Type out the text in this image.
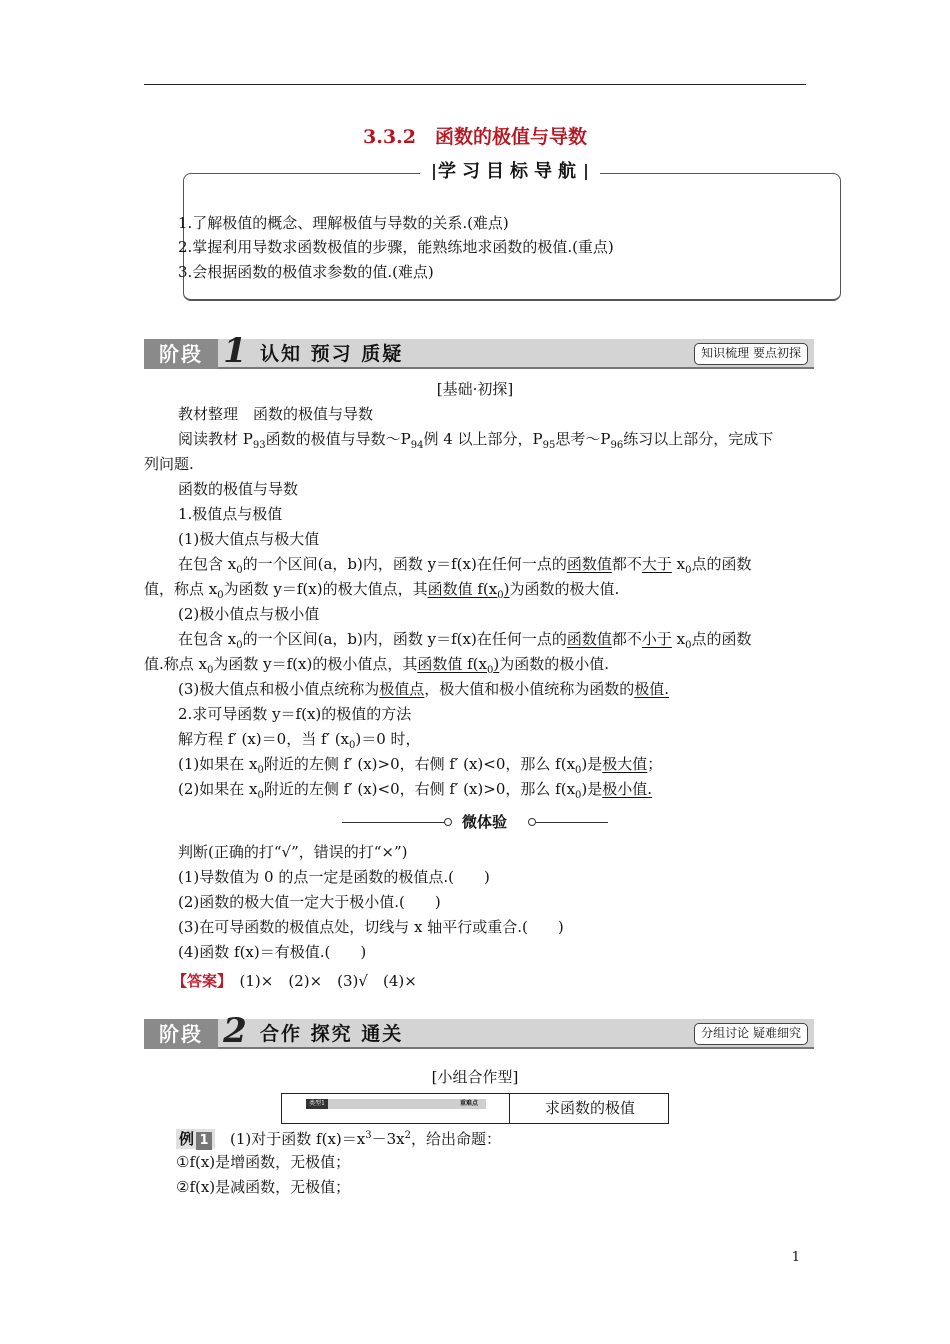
3.3.2　 函数的极值与导数
学习目标导航
1.了解极值的概念、理解极值与导数的关系.(难点)
2.掌握利用导数求函数极值的步骤，能熟练地求函数的极值.(重点)
3.会根据函数的极值求参数的值.(难点)
阶段 1 认知 预习 质疑	知识梳理 要点初探
[基础·初探]
教材整理　函数的极值与导数
阅读教材 $P_{93}$函数的极值与导数$\sim P_{94}$例 4 以上部分，$P_{95}$思考$\sim P_{96}$练习以上部分，完成下
列问题.
函数的极值与导数
1.极值点与极值
(1)极大值点与极大值
在包含 $x_0$的一个区间(a，b)内，函数 y＝f(x)在任何一点的函数值都不大于 $x_0$点的函数
值，称点 $x_0$为函数 y＝f(x)的极大值点，其函数值 $f(x_0)$为函数的极大值.
(2)极小值点与极小值
在包含 $x_0$的一个区间(a，b)内，函数 y＝f(x)在任何一点的函数值都不小于 $x_0$点的函数
值.称点 $x_0$为函数 y＝f(x)的极小值点，其函数值 $f(x_0)$为函数的极小值.
(3)极大值点和极小值点统称为极值点，极大值和极小值统称为函数的极值.
2.求可导函数 y＝f(x)的极值的方法
解方程 f′ (x)＝0，当 f′ $(x_0)=0$ 时，
(1)如果在 $x_0$附近的左侧 f′ (x)>0，右侧 f′ (x)<0，那么 $f(x_0)$是极大值；
(2)如果在 $x_0$附近的左侧 f′ (x)<0，右侧 f′ (x)>0，那么 $f(x_0)$是极小值.
微体验
判断(正确的打“√”，错误的打“×”)
(1)导数值为 0 的点一定是函数的极值点.(　　)
(2)函数的极大值一定大于极小值.(　　)
(3)在可导函数的极值点处，切线与 x 轴平行或重合.(　　)
(4)函数 f(x)＝有极值.(　　)
【答案】　 (1)×　(2)×　(3)√　(4)×
阶段 2 合作 探究 通关	分组讨论 疑难细究
[小组合作型]
类型1	重难点	求函数的极值
例 1　 (1)对于函数 $f(x)=x^3-3x^2$，给出命题：
①f(x)是增函数，无极值；
②f(x)是减函数，无极值；
1
